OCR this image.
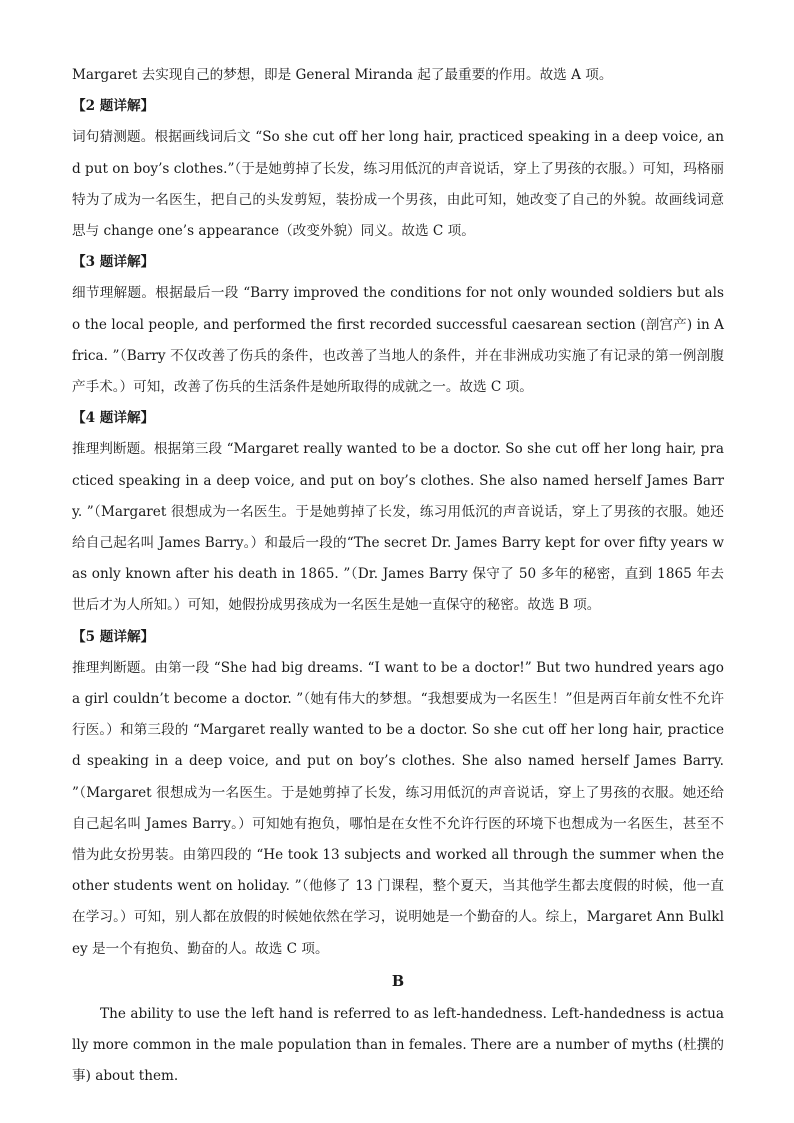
Margaret 去实现自己的梦想，即是 General Miranda 起了最重要的作用。故选 A 项。

【2 题详解】

词句猜测题。根据画线词后文 “So she cut off her long hair, practiced speaking in a deep voice, and put on boy’s clothes.”（于是她剪掉了长发，练习用低沉的声音说话，穿上了男孩的衣服。）可知，玛格丽特为了成为一名医生，把自己的头发剪短，装扮成一个男孩，由此可知，她改变了自己的外貌。故画线词意思与 change one’s appearance（改变外貌）同义。故选 C 项。

【3 题详解】

细节理解题。根据最后一段 “Barry improved the conditions for not only wounded soldiers but also the local people, and performed the first recorded successful caesarean section (剖宫产) in Africa. ”（Barry 不仅改善了伤兵的条件，也改善了当地人的条件，并在非洲成功实施了有记录的第一例剖腹产手术。）可知，改善了伤兵的生活条件是她所取得的成就之一。故选 C 项。

【4 题详解】

推理判断题。根据第三段 “Margaret really wanted to be a doctor. So she cut off her long hair, practiced speaking in a deep voice, and put on boy’s clothes. She also named herself James Barry. ”（Margaret 很想成为一名医生。于是她剪掉了长发，练习用低沉的声音说话，穿上了男孩的衣服。她还给自己起名叫 James Barry。）和最后一段的“The secret Dr. James Barry kept for over fifty years was only known after his death in 1865. ”（Dr. James Barry 保守了 50 多年的秘密，直到 1865 年去世后才为人所知。）可知，她假扮成男孩成为一名医生是她一直保守的秘密。故选 B 项。

【5 题详解】

推理判断题。由第一段 “She had big dreams. “I want to be a doctor!” But two hundred years ago a girl couldn’t become a doctor. ”（她有伟大的梦想。“我想要成为一名医生！”但是两百年前女性不允许行医。）和第三段的 “Margaret really wanted to be a doctor. So she cut off her long hair, practiced speaking in a deep voice, and put on boy’s clothes. She also named herself James Barry. ”（Margaret 很想成为一名医生。于是她剪掉了长发，练习用低沉的声音说话，穿上了男孩的衣服。她还给自己起名叫 James Barry。）可知她有抱负，哪怕是在女性不允许行医的环境下也想成为一名医生，甚至不惜为此女扮男装。由第四段的 “He took 13 subjects and worked all through the summer when the other students went on holiday. ”（他修了 13 门课程，整个夏天，当其他学生都去度假的时候，他一直在学习。）可知，别人都在放假的时候她依然在学习，说明她是一个勤奋的人。综上，Margaret Ann Bulkley 是一个有抱负、勤奋的人。故选 C 项。

B

The ability to use the left hand is referred to as left-handedness. Left-handedness is actually more common in the male population than in females. There are a number of myths (杜撰的事) about them.
